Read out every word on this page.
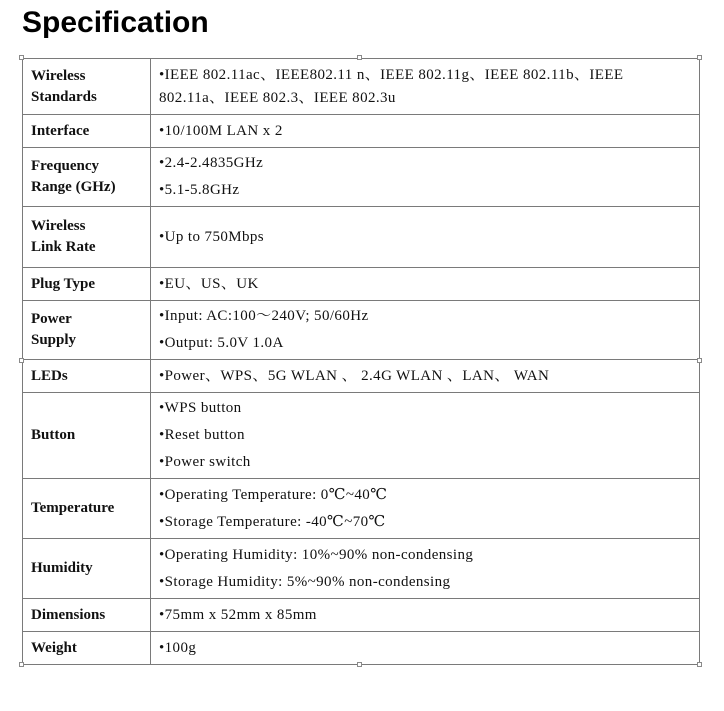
Specification
Wireless
Standards	•IEEE 802.11ac、IEEE802.11 n、IEEE 802.11g、IEEE 802.11b、IEEE 802.11a、IEEE 802.3、IEEE 802.3u

Interface	•10/100M LAN x 2

Frequency
Range (GHz)	•2.4-2.4835GHz
•5.1-5.8GHz

Wireless
Link Rate	•Up to 750Mbps

Plug Type	•EU、US、UK

Power
Supply	•Input: AC:100～240V; 50/60Hz
•Output: 5.0V 1.0A

LEDs	•Power、WPS、5G WLAN 、 2.4G WLAN 、LAN、 WAN

Button	•WPS button
•Reset button
•Power switch

Temperature	•Operating Temperature: 0℃~40℃
•Storage Temperature: -40℃~70℃

Humidity	•Operating Humidity: 10%~90% non-condensing
•Storage Humidity: 5%~90% non-condensing

Dimensions	•75mm x 52mm x 85mm

Weight	•100g
